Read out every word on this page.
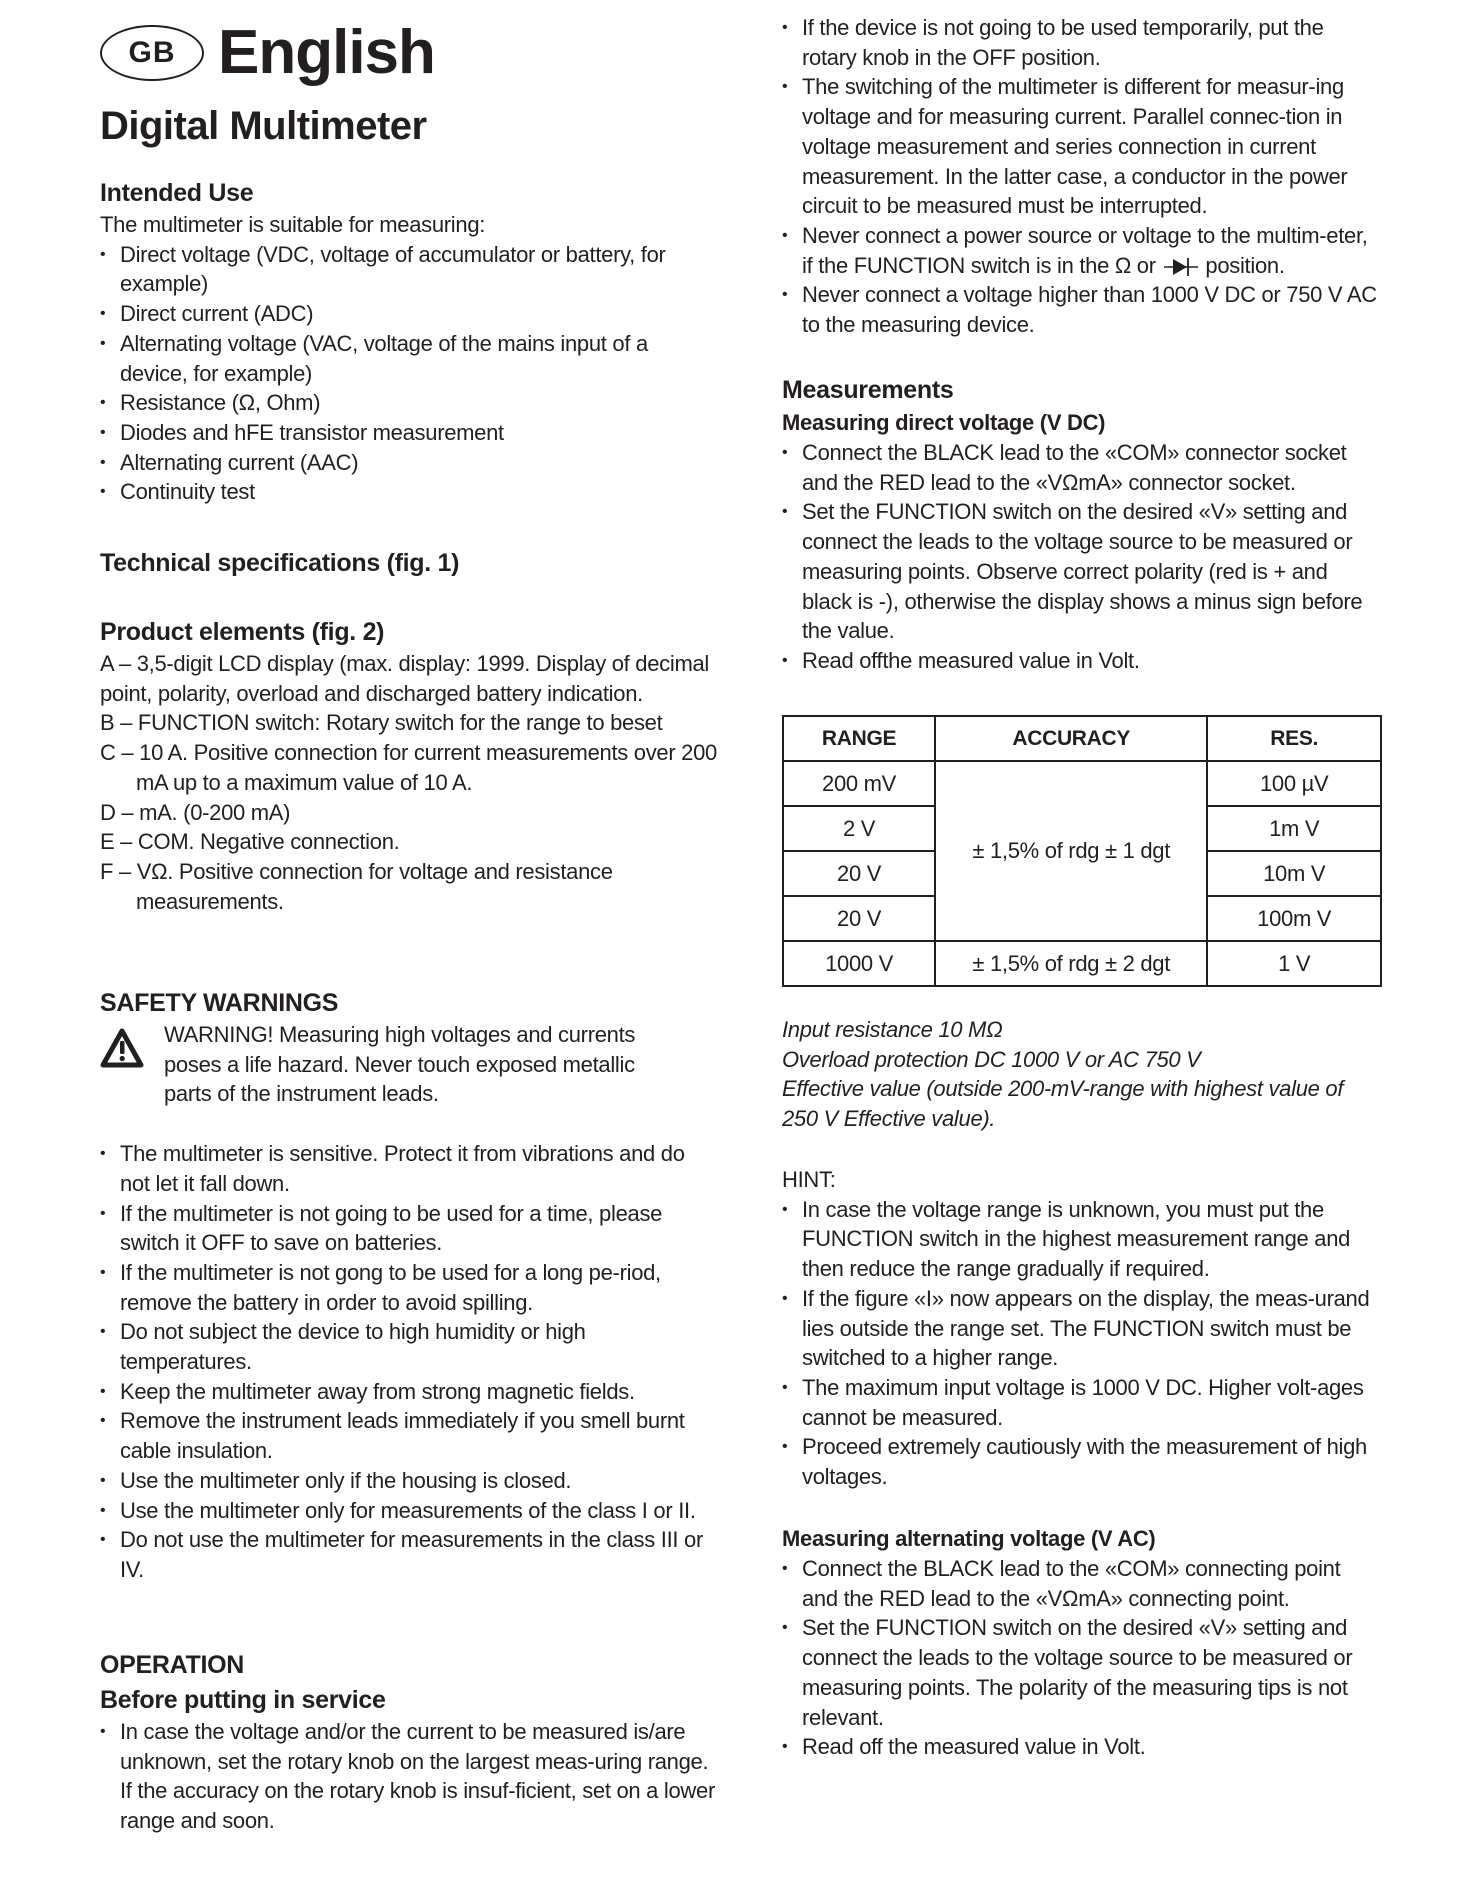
GB English
Digital Multimeter
Intended Use
The multimeter is suitable for measuring:
• Direct voltage (VDC, voltage of accumulator or battery, for example)
• Direct current (ADC)
• Alternating voltage (VAC, voltage of the mains input of a device, for example)
• Resistance (Ω, Ohm)
• Diodes and hFE transistor measurement
• Alternating current (AAC)
• Continuity test
Technical specifications (fig. 1)
Product elements (fig. 2)
A – 3,5-digit LCD display (max. display: 1999. Display of decimal point, polarity, overload and discharged battery indication.
B – FUNCTION switch: Rotary switch for the range to beset
C – 10 A. Positive connection for current measurements over 200 mA up to a maximum value of 10 A.
D – mA. (0-200 mA)
E – COM. Negative connection.
F – VΩ. Positive connection for voltage and resistance measurements.
SAFETY WARNINGS
WARNING! Measuring high voltages and currents poses a life hazard. Never touch exposed metallic parts of the instrument leads.
• The multimeter is sensitive. Protect it from vibrations and do not let it fall down.
• If the multimeter is not going to be used for a time, please switch it OFF to save on batteries.
• If the multimeter is not gong to be used for a long pe-riod, remove the battery in order to avoid spilling.
• Do not subject the device to high humidity or high temperatures.
• Keep the multimeter away from strong magnetic fields.
• Remove the instrument leads immediately if you smell burnt cable insulation.
• Use the multimeter only if the housing is closed.
• Use the multimeter only for measurements of the class I or II.
• Do not use the multimeter for measurements in the class III or IV.
OPERATION
Before putting in service
• In case the voltage and/or the current to be measured is/are unknown, set the rotary knob on the largest meas-uring range. If the accuracy on the rotary knob is insuf-ficient, set on a lower range and soon.
• If the device is not going to be used temporarily, put the rotary knob in the OFF position.
• The switching of the multimeter is different for measur-ing voltage and for measuring current. Parallel connec-tion in voltage measurement and series connection in current measurement. In the latter case, a conductor in the power circuit to be measured must be interrupted.
• Never connect a power source or voltage to the multim-eter, if the FUNCTION switch is in the Ω or position.
• Never connect a voltage higher than 1000 V DC or 750 V AC to the measuring device.
Measurements
Measuring direct voltage (V DC)
• Connect the BLACK lead to the «COM» connector socket and the RED lead to the «VΩmA» connector socket.
• Set the FUNCTION switch on the desired «V» setting and connect the leads to the voltage source to be measured or measuring points. Observe correct polarity (red is + and black is -), otherwise the display shows a minus sign before the value.
• Read offthe measured value in Volt.
RANGE	ACCURACY	RES.
200 mV	± 1,5% of rdg ± 1 dgt	100 µV
2 V		1m V
20 V		10m V
20 V		100m V
1000 V	± 1,5% of rdg ± 2 dgt	1 V
Input resistance 10 MΩ
Overload protection DC 1000 V or AC 750 V
Effective value (outside 200-mV-range with highest value of 250 V Effective value).
HINT:
• In case the voltage range is unknown, you must put the FUNCTION switch in the highest measurement range and then reduce the range gradually if required.
• If the figure «I» now appears on the display, the meas-urand lies outside the range set. The FUNCTION switch must be switched to a higher range.
• The maximum input voltage is 1000 V DC. Higher volt-ages cannot be measured.
• Proceed extremely cautiously with the measurement of high voltages.
Measuring alternating voltage (V AC)
• Connect the BLACK lead to the «COM» connecting point and the RED lead to the «VΩmA» connecting point.
• Set the FUNCTION switch on the desired «V» setting and connect the leads to the voltage source to be measured or measuring points. The polarity of the measuring tips is not relevant.
• Read off the measured value in Volt.
